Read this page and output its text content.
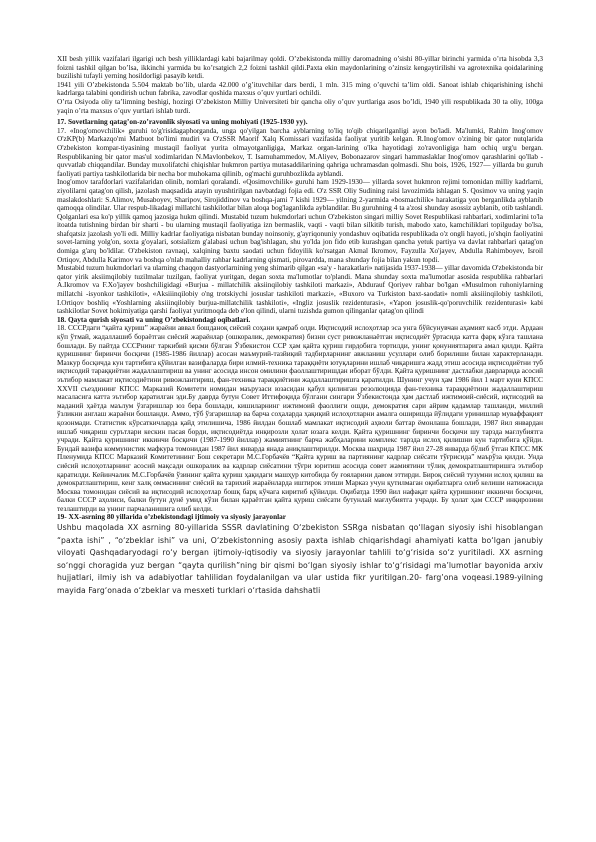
XII besh yillik vazifalari ilgarigi uch besh yilliklardagi kabi bajarilmay qoldi. O’zbekistonda milliy daromadning o’sishi 80-yillar birinchi yarmida o’rta hisobda 3,3 foizni tashkil qilgan bo’lsa, ikkinchi yarmida bu ko’rsatgich 2,2 foizni tashkil qildi.Paxta ekin maydonlarining o’zinsiz kengaytirilishi va agrotexnika qoidalarining buzilishi tufayli yerning hosildorligi pasayib ketdi.
1941 yili O’zbekistonda 5.504 maktab bo’lib, ularda 42.000 o’g’ituvchilar dars berdi, 1 mln. 315 ming o’quvchi ta’lim oldi. Sanoat ishlab chiqarishining ishchi kadrlarga talabini qondirish uchun fabrika, zavodlar qoshida maxsus o’quv yurtlari ochildi.
O’rta Osiyoda oliy ta’limning beshigi, hozirgi O’zbekiston Milliy Universiteti bir qancha oliy o’quv yurtlariga asos bo’ldi, 1940 yili respublikada 30 ta oliy, 100ga yaqin o’rta maxsus o’quv yurtlari ishlab turdi.

17. Sovetlarning qatag’on-zo’ravonlik siyosati va uning mohiyati (1925-1930 yy).

17. «Inog'omovchilik» guruhi to'g'risidagaphorganda, unga qo'yilgan barcha ayblarning to'liq to'qib chiqarilganligi ayon bo'ladi. Ma'lumki, Rahim Inog'omov O'zKP(b) Markazqo'mi Matbuot bo'limi mudiri va O'zSSR Maorif Xalq Komissari vazifasida faoliyat yuritib kelgan. R.Inog'omov o'zining bir qator nutqlarida O'zbekiston kompar-tiyasining mustaqil faoliyat yurita olmayotganligiga, Markaz organ-larining o'lka hayotidagi zo'ravonligiga ham ochiq urg'u bergan. Respublikaning bir qator mas'ul xodimlaridan N.Mavlonbekov, T. Isamuhammedov, M.Aliyev, Bobonazarov singari hammaslaklar Inog'omov qarashlarini qo'llab - quvvatlab chiqqandilar. Bunday muxolifatchi chiqishlar hukmron partiya mutasaddilarining qahriga uchramasdan qolmasdi. Shu bois, 1926, 1927— yillarda bu guruh faoliyati partiya tashkilotlarida bir necha bor muhokama qilinib, og'machi guruhbozlikda ayblandi.
Inog'omov tarafdorlari vazifalaridan olinib, nomlari qoralandi. «Qosimovchilik» guruhi ham 1929-1930— yillarda sovet hukmron rejimi tomonidan milliy kadrlarni, ziyolilarni qatag'on qilish, jazolash maqsadida atayin uyushtirilgan navbatdagi fojia edi. O'z SSR Oliy Sudining raisi lavozimida ishlagan S. Qosimov va uning yaqin maslakdoshlari: S.Alimov, Musaboyev, Sharipov, Sirojiddinov va boshqa-jami 7 kishi 1929— yilning 2-yarmida «bosmachilik» harakatiga yon berganlikda ayblanib qamoqqa olindilar. Ular respub-likadagi millatchi tashkilotlar bilan aloqa bog'laganlikda ayblandilar. Bu guruhning 4 ta a'zosi shunday asossiz ayblanib, otib tashlandi. Qolganlari esa ko'p yillik qamoq jazosiga hukm qilindi. Mustabid tuzum hukmdorlari uchun O'zbekiston singari milliy Sovet Respublikasi rahbarlari, xodimlarini to'la itoatda tutishning birdan bir sharti - bu ularning mustaqil faoliyatiga izn bermaslik, vaqti - vaqti bilan silkitib turish, mabodo xato, kamchiliklari topilguday bo'lsa, shafqatsiz jazolash yo'li edi. Milliy kadrlar faoliyatiga nisbatan bunday noinsoniy, g'ayriqonuniy yondashuv oqibatida respublikada o'z ongli hayoti, jo'shqin faoliyatini sovet-larning yolg'on, soxta g'oyalari, sotsializm g'alabasi uchun bag'ishlagan, shu yo'lda jon fido etib kurashgan qancha yetuk partiya va davlat rahbarlari qatag'on domiga g'arq bo'ldilar. O'zbekiston ravnaqi, xalqining baxtu saodati uchun fidoyilik ko'rsatgan Akmal Ikromov, Fayzulla Xo'jayev, Abdulla Rahimboyev, Isroil Ortiqov, Abdulla Karimov va boshqa o'nlab mahalliy rahbar kadrlarning qismati, pirovardda, mana shunday fojia bilan yakun topdi.
Mustabid tuzum hukmdorlari va ularning chaqqon dastyorlarnining yeng shimarib qilgan «sa'y - harakatlari» natijasida 1937-1938— yillar davomida O'zbekistonda bir qator yirik aksiimqilobiy tuzilmalar tuzilgan, faoliyat yuritgan, degan soxta ma'lumotlar to'plandi. Mana shunday soxta ma'lumotlar asosida respublika rahbarlari A.Ikromov va F.Xo'jayev boshchiligidagi «Burjua - millatchilik aksiinqilobiy tashkiloti markazi», Abdurauf Qoriyev rahbar bo'lgan «Musulmon ruhoniylarning millatchi -isyonkor tashkiloti», «Aksiiinqilobiy o'ng trotskiychi josuslar tashkiloti markazi», «Buxoro va Turkiston baxt-saodati» nomli aksiiinqilobiy tashkiloti, I.Ortiqov boshliq «Yoshlarning aksiiinqilobiy burjua-millatchilik tashkiloti», «Ingliz josuslik rezidenturasi», «Yapon josuslik-qo'poruvchilik rezidenturasi» kabi tashkilotlar Sovet hokimiyatiga qarshi faoliyat yuritmoqda deb e'lon qilindi, ularni tuzishda gumon qilinganlar qatag'on qilindi

18. Qayta qurish siyosati va uning O’zbekistondagi oqibatlari.

18. СССРдаги “қайта қуриш” жараёни аввал бошданоқ сиёсий соҳани қамраб олди. Иқтисодий ислоҳотлар эса унга бўйсунувчан аҳамият касб этди. Ардаан кўп ўтмай, жадаллашиб бораётган сиёсий жараёнлар (ошкоралик, демократия) бизни суст ривожланаётган иқтисодиёт ўртасида катта фарқ кўзга ташлана бошлади. Бу пайтда СССРнинг таркибий қисми бўлган Ўзбекистон ССР ҳам қайта қуриш гирдобига тортилди, унинг қонуниятларига амал қилди. Қайта қуришнинг биринчи босқичи (1985-1986 йиллар) асосан маъмурий-тазйиқий тадбирларнинг авжланиш усуллари олиб борилиши билан характерланади. Мазкур босқичда кун тартибига қўйилган вазифаларда бири илмий-техника тараққиёти ютуқларини ишлаб чиқаришга жадд этиш асосида иқтисодиётни туб иқтисодий тараққиётни жадаллаштириш ва унинг асосида инсон омилини фаоллаштиришдан иборат бўлди. Қайта қуришнинг дастлабки даврларида асосий эътибор мамлакат иқтисодиётини ривожлантириш, фан-техника тараққиётини жадаллаштиришга қаратилди. Шунинг учун ҳам 1986 йил 1 март куни КПСС XXVII съездининг КПСС Марказий Комитети номидан маърузаси юзасидан қабул қилинган резолюцияда фан-техника тараққиётини жадаллаштириш масаласига катта эътибор қаратилган эди.Бу даврда бутун Совет Иттифоқида бўлгани сингари Ўзбекистонда ҳам дастлаб ижтимоий-сиёсий, иқтисодий ва маданий ҳаётда маълум ўзгаришлар юз бера бошлади, кишиларнинг ижтимоий фаоллиги ошди, демократия сари айрим қадамлар ташланди, миллий ўзликни англаш жараёни бошланди. Аммо, тўб ўзгаришлар ва барча соҳаларда ҳақиқий ислоҳотларни амалга оширишда йўлидаги уринишлар муваффақият қозонмади. Статистик кўрсаткичларда қайд этилишича, 1986 йилдан бошлаб мамлакат иқтисодий аҳволи баттар ёмонлаша бошлади, 1987 йил январдан ишлаб чиқариш сурътлари кескин пасая борди, иқтисодиётда инқирозли ҳолат юзага келди. Қайта қуришнинг биринчи босқичи шу тарзда мағлубиятга учради. Қайта қуришнинг иккинчи босқичи (1987-1990 йиллар) жамиятнинг барча жабҳаларини комплекс тарзда ислоҳ қилишни кун тартибига қўйди. Бундай вазифа коммунистик мафкура томонидан 1987 йил январда янада аниқлаштирилди. Москва шаҳрида 1987 йил 27-28 январда бўлиб ўтган КПСС МК Пленумида КПСС Марказий Комитетининг Бош секретари М.С.Горбачёв “Қайта қуриш ва партиянинг кадрлар сиёсати тўғрисида” маърўза қилди. Унда сиёсий ислоҳотларнинг асосий мақсади ошкоралик ва кадрлар сиёсатини тўғри юритиш асосида совет жамиятини тўлиқ демократлаштиришга эътибор қаратилди. Кейинчалик М.С.Горбачёв ўзининг қайта қуриш ҳақидаги машҳур китобида бу ғояларини давом эттирди. Бироқ сиёсий тузумни ислоҳ қилиш ва демократлаштириш, кенг халқ оммасининг сиёсий ва тарихий жараёнларда иштирок этиши Марказ учун қутилмаган оқибатларга олиб келиши натижасида Москва томонидан сиёсий ва иқтисодий ислоҳотлар бошқ барқ кўчага киритиб қўйилди. Оқибатда 1990 йил нафақат қайта қуришнинг иккинчи босқичи, балки СССР аҳолиси, балки бутун дунё умид кўзи билан қараётган қайта қуриш сиёсати бутунлай мағлубиятга учради. Бу ҳолат ҳам СССР инқирозини тезлаштирди ва унинг парчаланишига олиб келди.

19- XX-asrning 80 yillarida o’zbekistondagi ijtimoiy va siyosiy jarayonlar

Ushbu maqolada XX asrning 80-yillarida SSSR davlatining O‘zbekiston SSRga nisbatan qo‘llagan siyosiy ishi hisoblangan “paxta ishi” , “o‘zbeklar ishi” va uni, O‘zbekistonning asosiy paxta ishlab chiqarishdagi ahamiyati katta bo‘lgan janubiy viloyati Qashqadaryodagi ro‘y bergan ijtimoiy-iqtisodiy va siyosiy jarayonlar tahlili to‘g‘risida so‘z yuritiladi. XX asrning so‘nggi choragida yuz bergan “qayta qurilish”ning bir qismi bo‘lgan siyosiy ishlar to‘g‘risidagi ma’lumotlar bayonida arxiv hujjatlari, ilmiy ish va adabiyotlar tahlilidan foydalanilgan va ular ustida fikr yuritilgan.20- farg’ona voqeasi.1989-yilning mayida Farg‘onada o‘zbeklar va mesxeti turklari o‘rtasida dahshatli
